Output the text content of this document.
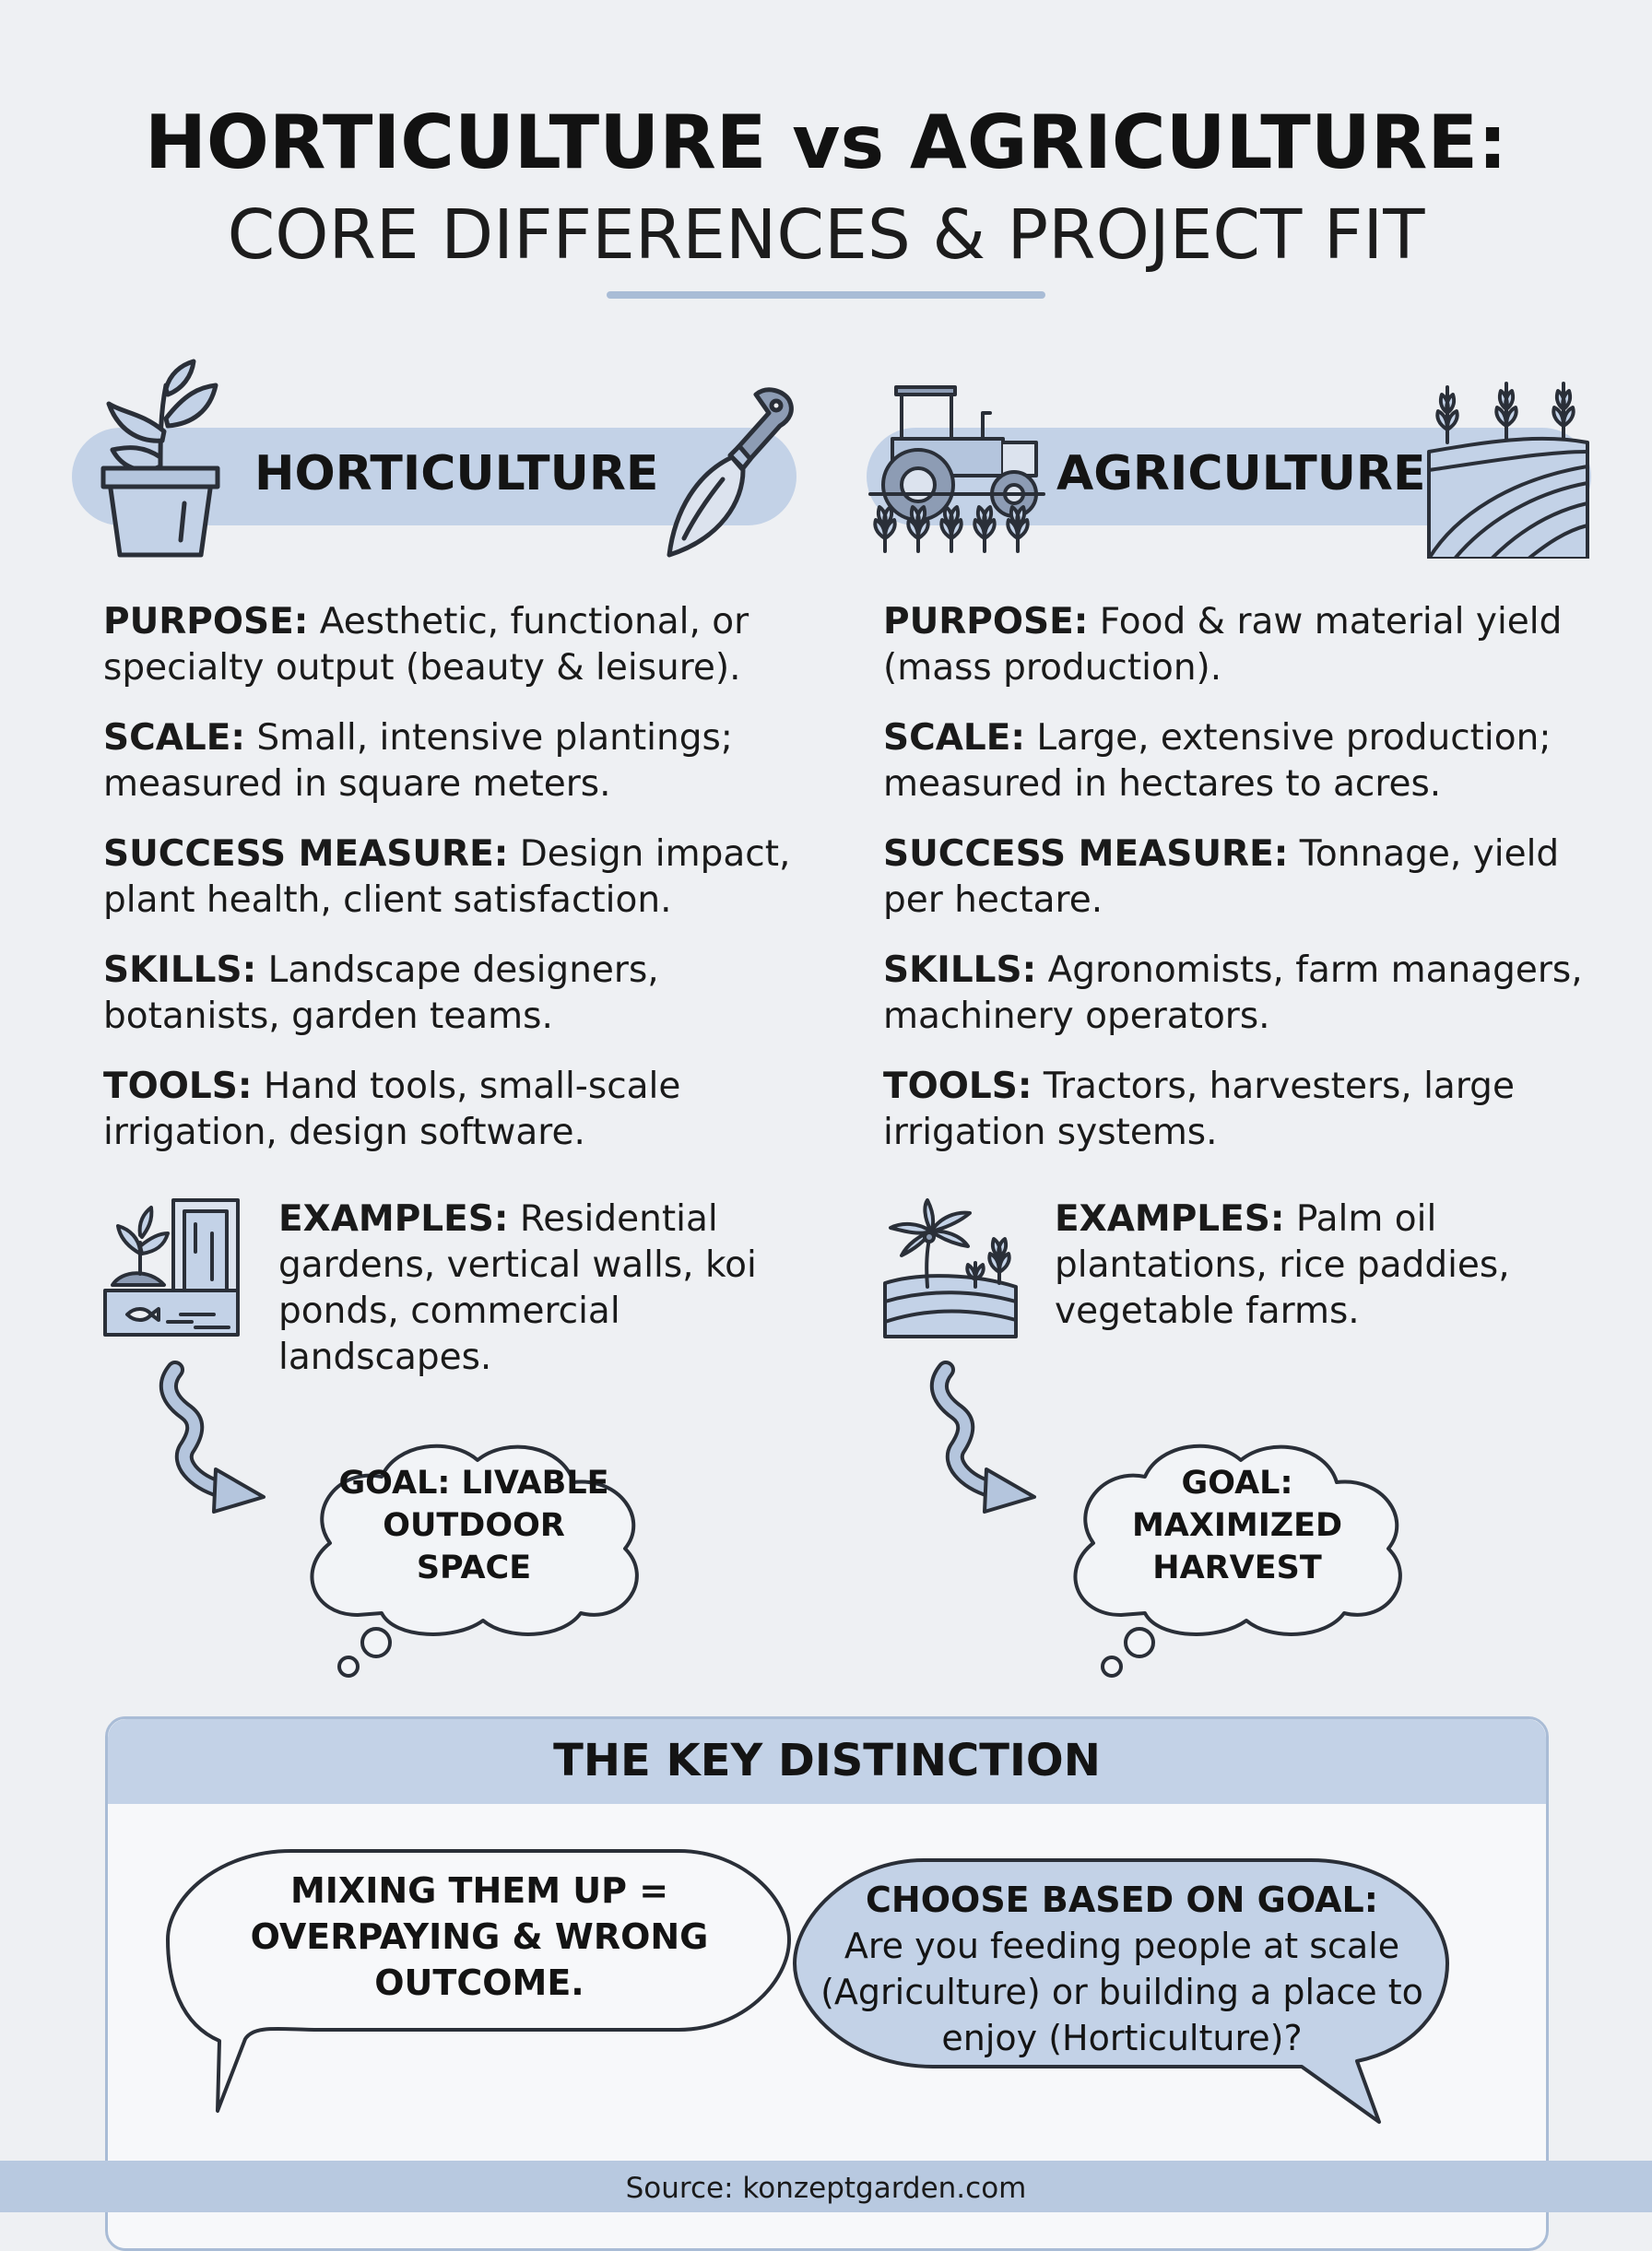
HORTICULTURE vs AGRICULTURE:
CORE DIFFERENCES & PROJECT FIT
HORTICULTURE

PURPOSE: Aesthetic, functional, or specialty output (beauty & leisure).

SCALE: Small, intensive plantings; measured in square meters.

SUCCESS MEASURE: Design impact, plant health, client satisfaction.

SKILLS: Landscape designers, botanists, garden teams.

TOOLS: Hand tools, small-scale irrigation, design software.

EXAMPLES: Residential gardens, vertical walls, koi ponds, commercial landscapes.
GOAL: LIVABLE
OUTDOOR
SPACE
AGRICULTURE

PURPOSE: Food & raw material yield (mass production).

SCALE: Large, extensive production; measured in hectares to acres.

SUCCESS MEASURE: Tonnage, yield per hectare.

SKILLS: Agronomists, farm managers, machinery operators.

TOOLS: Tractors, harvesters, large irrigation systems.

EXAMPLES: Palm oil plantations, rice paddies, vegetable farms.
GOAL:
MAXIMIZED
HARVEST
THE KEY DISTINCTION
MIXING THEM UP =
OVERPAYING & WRONG
OUTCOME.
CHOOSE BASED ON GOAL:
Are you feeding people at scale
(Agriculture) or building a place to
enjoy (Horticulture)?
Source: konzeptgarden.com
